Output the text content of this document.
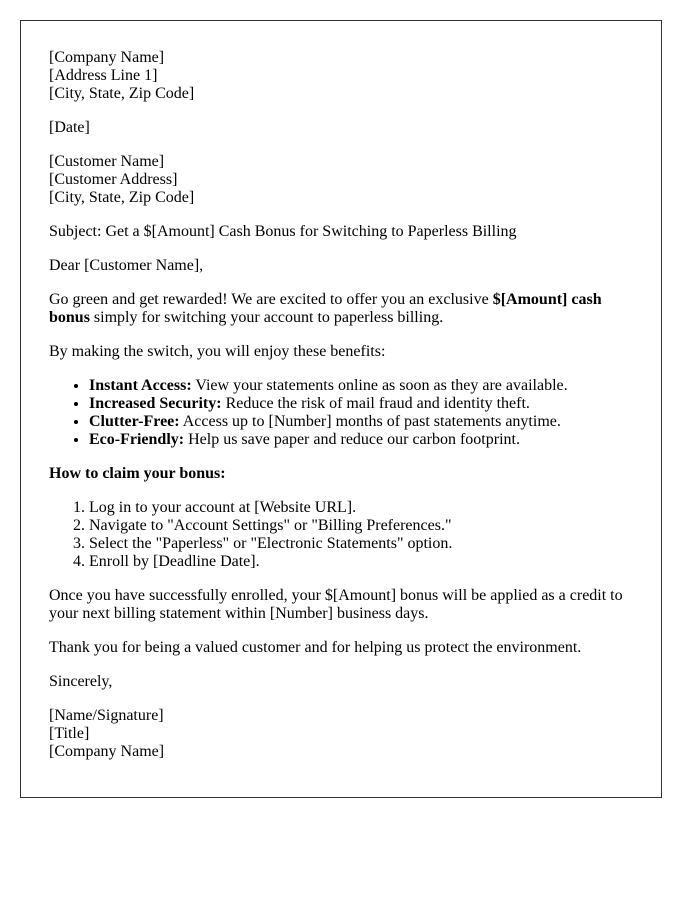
[Company Name]
[Address Line 1]
[City, State, Zip Code]

[Date]

[Customer Name]
[Customer Address]
[City, State, Zip Code]

Subject: Get a $[Amount] Cash Bonus for Switching to Paperless Billing

Dear [Customer Name],

Go green and get rewarded! We are excited to offer you an exclusive $[Amount] cash bonus simply for switching your account to paperless billing.

By making the switch, you will enjoy these benefits:

• Instant Access: View your statements online as soon as they are available.
• Increased Security: Reduce the risk of mail fraud and identity theft.
• Clutter-Free: Access up to [Number] months of past statements anytime.
• Eco-Friendly: Help us save paper and reduce our carbon footprint.

How to claim your bonus:

1. Log in to your account at [Website URL].
2. Navigate to "Account Settings" or "Billing Preferences."
3. Select the "Paperless" or "Electronic Statements" option.
4. Enroll by [Deadline Date].

Once you have successfully enrolled, your $[Amount] bonus will be applied as a credit to your next billing statement within [Number] business days.

Thank you for being a valued customer and for helping us protect the environment.

Sincerely,

[Name/Signature]
[Title]
[Company Name]
